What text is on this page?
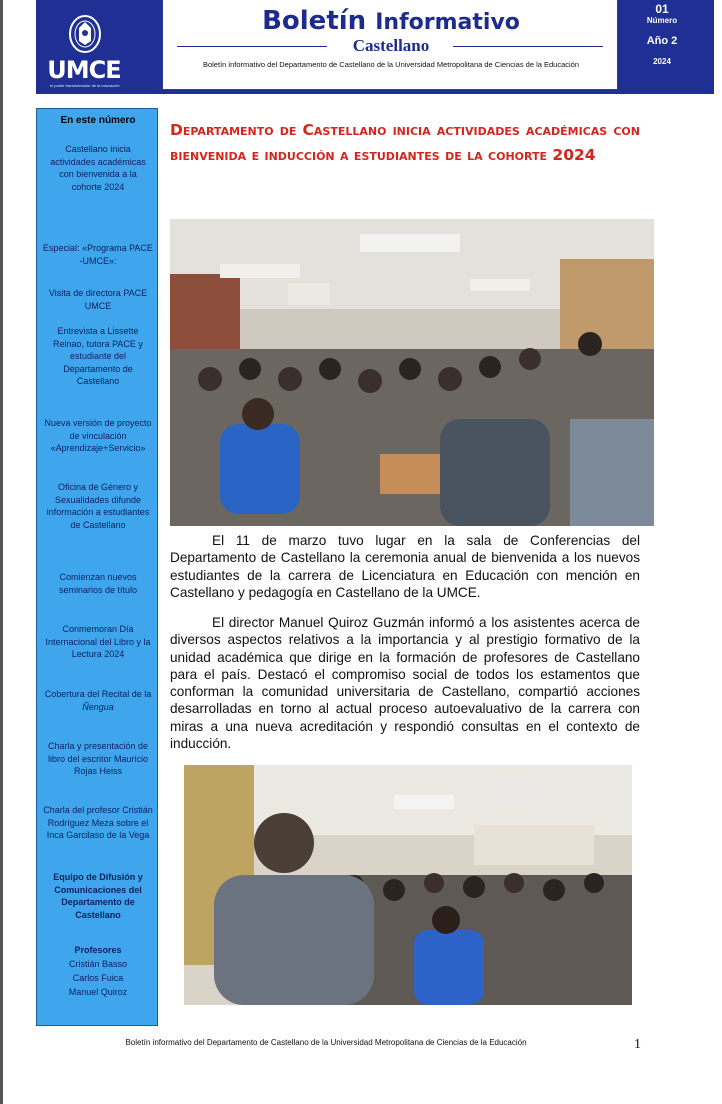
UMCE
el poder transformador de la educación
Boletín Informativo
Castellano
Boletín informativo del Departamento de Castellano de la Universidad Metropolitana de Ciencias de la Educación
01
Número
Año 2
2024
En este número
Castellano inicia actividades académicas con bienvenida a la cohorte 2024
Especial: «Programa PACE -UMCE»:
Visita de directora PACE UMCE
Entrevista a Lissette Reinao, tutora PACE y estudiante del Departamento de Castellano
Nueva versión de proyecto de vinculación «Aprendizaje+Servicio»
Oficina de Género y Sexualidades difunde información a estudiantes de Castellano
Comienzan nuevos seminarios de título
Conmemoran Día Internacional del Libro y la Lectura 2024
Cobertura del Recital de la Ñengua
Charla y presentación de libro del escritor Mauricio Rojas Heiss
Charla del profesor Cristián Rodríguez Meza sobre el Inca Garcilaso de la Vega
Equipo de Difusión y Comunicaciones del Departamento de Castellano
Profesores
Cristián Basso
Carlos Fuica
Manuel Quiroz
Departamento de Castellano inicia actividades académicas con bienvenida e inducción a estudiantes de la cohorte 2024
El 11 de marzo tuvo lugar en la sala de Conferencias del Departamento de Castellano la ceremonia anual de bienvenida a los nuevos estudiantes de la carrera de Licenciatura en Educación con mención en Castellano y pedagogía en Castellano de la UMCE.
El director Manuel Quiroz Guzmán informó a los asistentes acerca de diversos aspectos relativos a la importancia y al prestigio formativo de la unidad académica que dirige en la formación de profesores de Castellano para el país. Destacó el compromiso social de todos los estamentos que conforman la comunidad universitaria de Castellano, compartió acciones desarrolladas en torno al actual proceso autoevaluativo de la carrera con miras a una nueva acreditación y respondió consultas en el contexto de inducción.
Boletín informativo del Departamento de Castellano de la Universidad Metropolitana de Ciencias de la Educación	1
